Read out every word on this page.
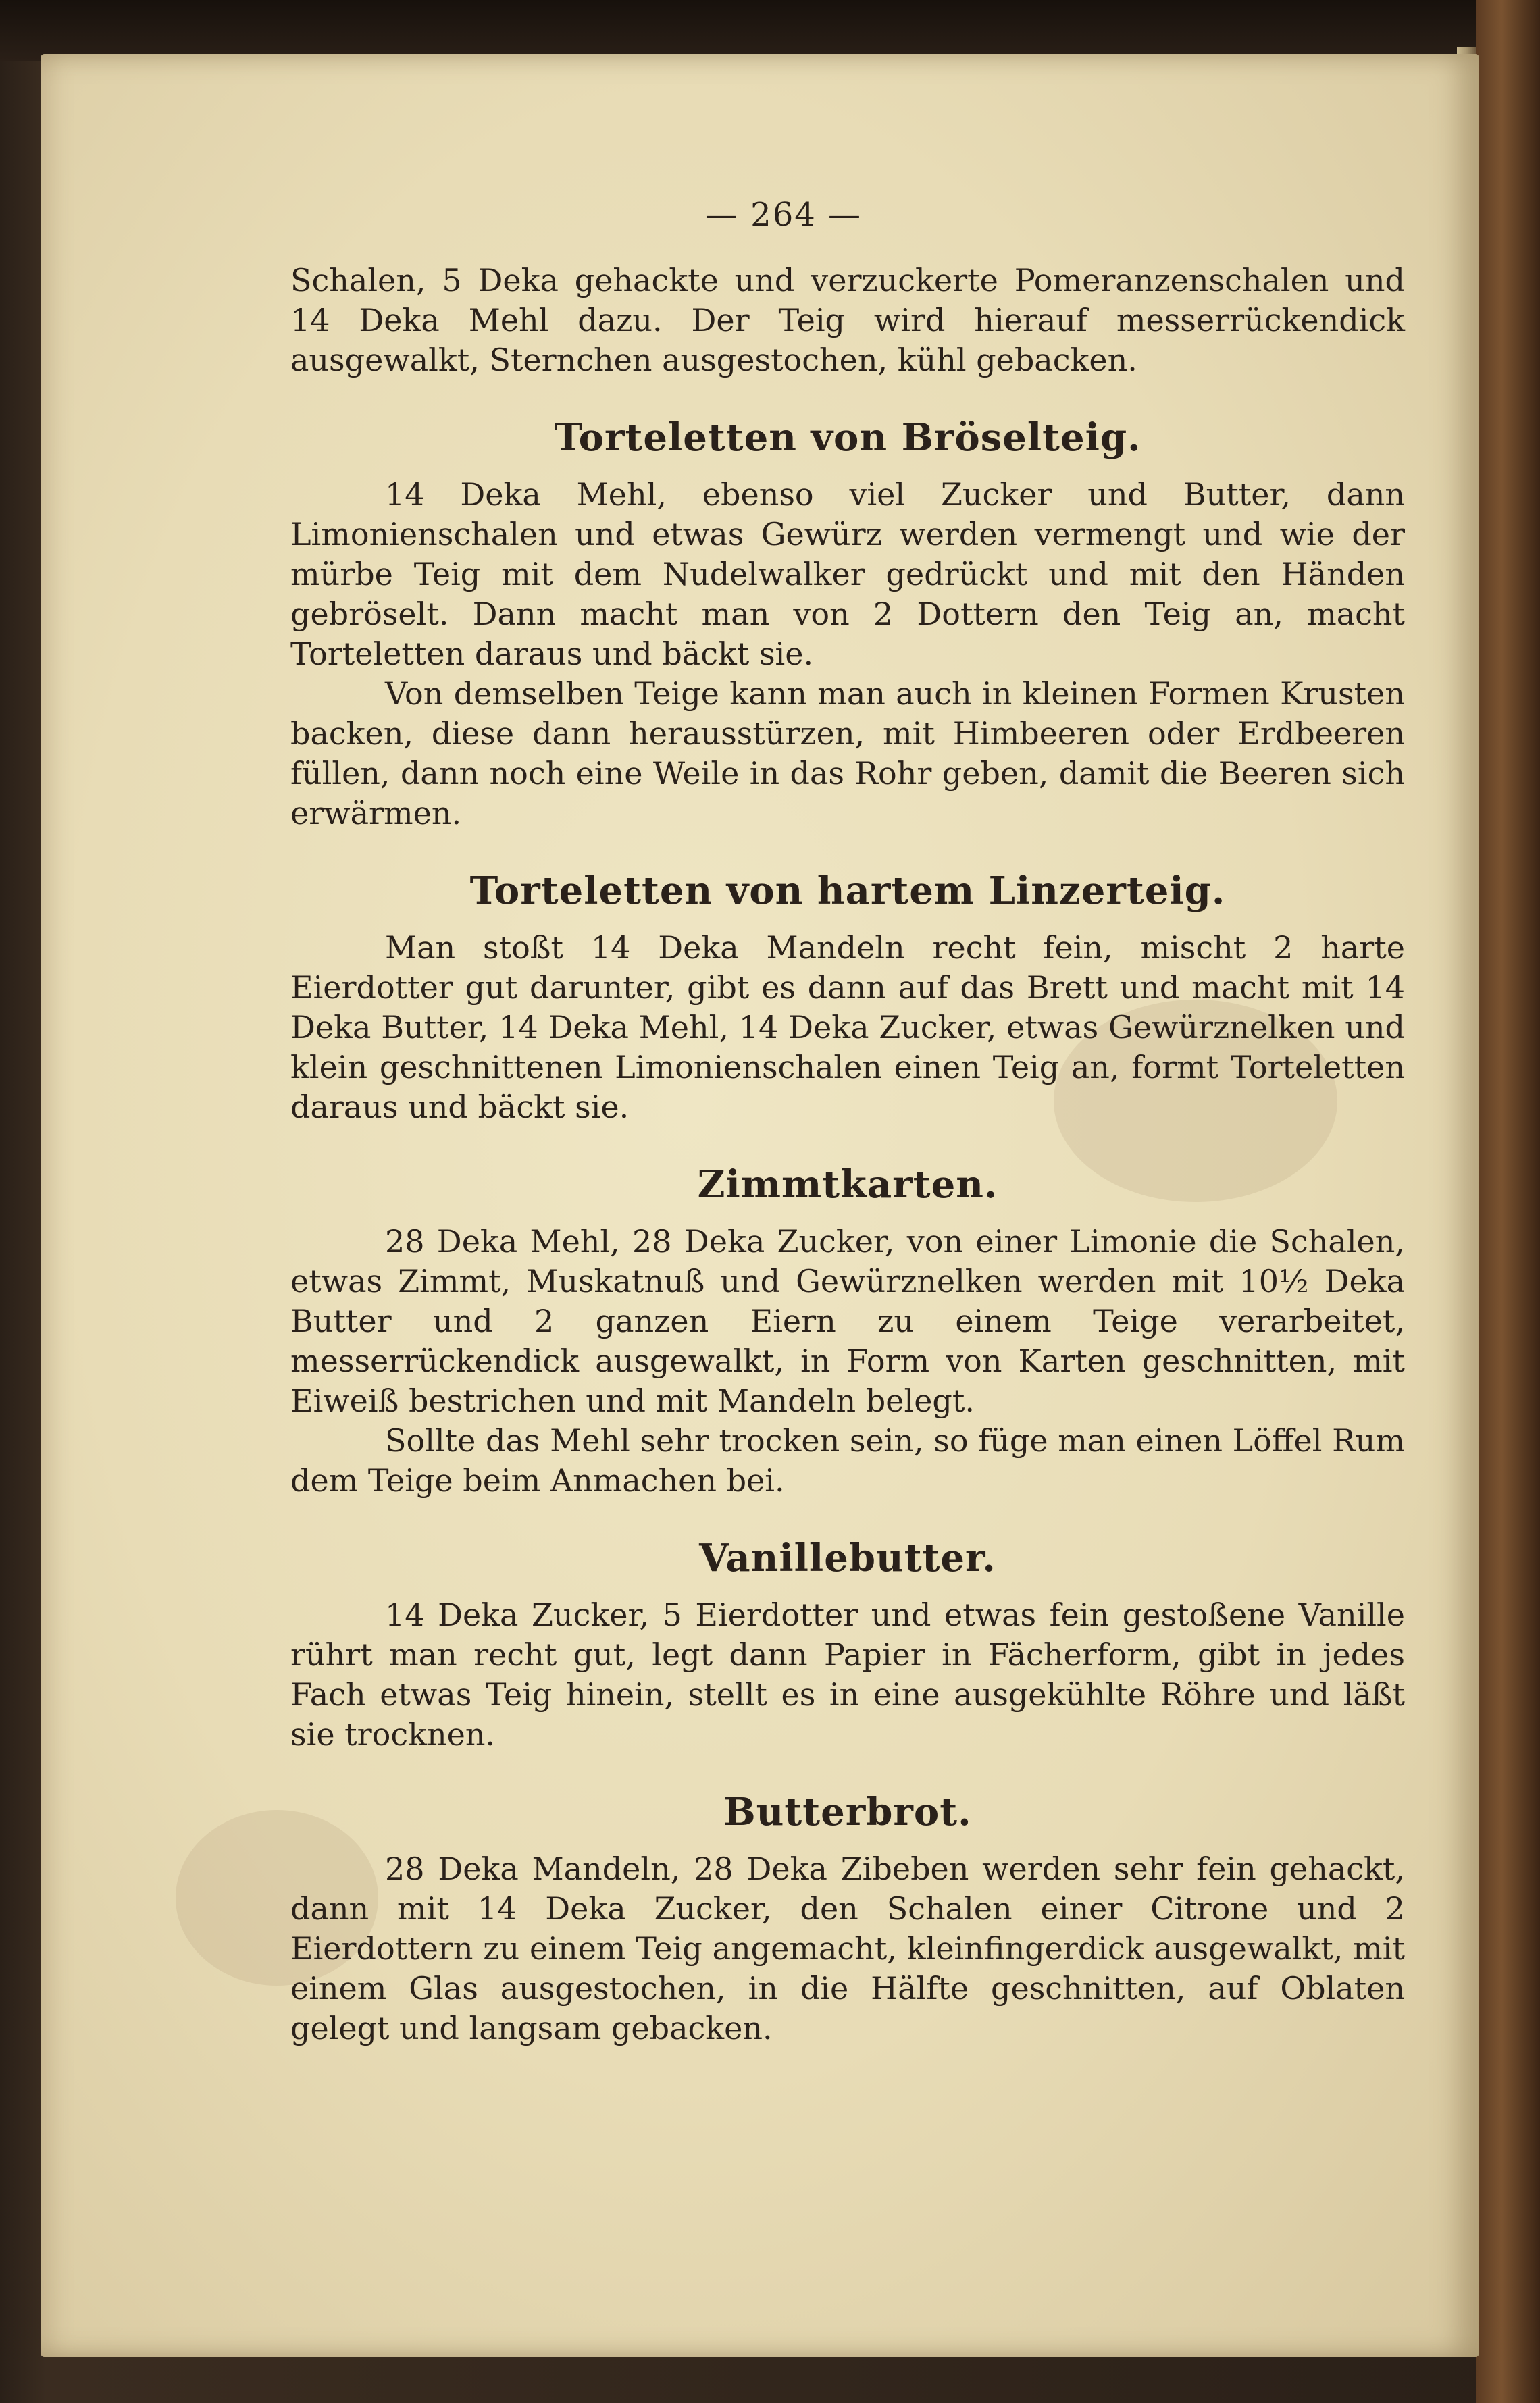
— 264 —

Schalen, 5 Deka gehackte und verzuckerte Pomeranzenschalen und 14 Deka Mehl dazu. Der Teig wird hierauf messerrückendick ausgewalkt, Sternchen ausgestochen, kühl gebacken.

Torteletten von Bröselteig.

14 Deka Mehl, ebenso viel Zucker und Butter, dann Limonienschalen und etwas Gewürz werden vermengt und wie der mürbe Teig mit dem Nudelwalker gedrückt und mit den Händen gebröselt. Dann macht man von 2 Dottern den Teig an, macht Torteletten daraus und bäckt sie.

Von demselben Teige kann man auch in kleinen Formen Krusten backen, diese dann herausstürzen, mit Himbeeren oder Erdbeeren füllen, dann noch eine Weile in das Rohr geben, damit die Beeren sich erwärmen.

Torteletten von hartem Linzerteig.

Man stoßt 14 Deka Mandeln recht fein, mischt 2 harte Eierdotter gut darunter, gibt es dann auf das Brett und macht mit 14 Deka Butter, 14 Deka Mehl, 14 Deka Zucker, etwas Gewürznelken und klein geschnittenen Limonienschalen einen Teig an, formt Torteletten daraus und bäckt sie.

Zimmtkarten.

28 Deka Mehl, 28 Deka Zucker, von einer Limonie die Schalen, etwas Zimmt, Muskatnuß und Gewürznelken werden mit 10½ Deka Butter und 2 ganzen Eiern zu einem Teige verarbeitet, messerrückendick ausgewalkt, in Form von Karten geschnitten, mit Eiweiß bestrichen und mit Mandeln belegt.

Sollte das Mehl sehr trocken sein, so füge man einen Löffel Rum dem Teige beim Anmachen bei.

Vanillebutter.

14 Deka Zucker, 5 Eierdotter und etwas fein gestoßene Vanille rührt man recht gut, legt dann Papier in Fächerform, gibt in jedes Fach etwas Teig hinein, stellt es in eine ausgekühlte Röhre und läßt sie trocknen.

Butterbrot.

28 Deka Mandeln, 28 Deka Zibeben werden sehr fein gehackt, dann mit 14 Deka Zucker, den Schalen einer Citrone und 2 Eierdottern zu einem Teig angemacht, kleinfingerdick ausgewalkt, mit einem Glas ausgestochen, in die Hälfte geschnitten, auf Oblaten gelegt und langsam gebacken.
